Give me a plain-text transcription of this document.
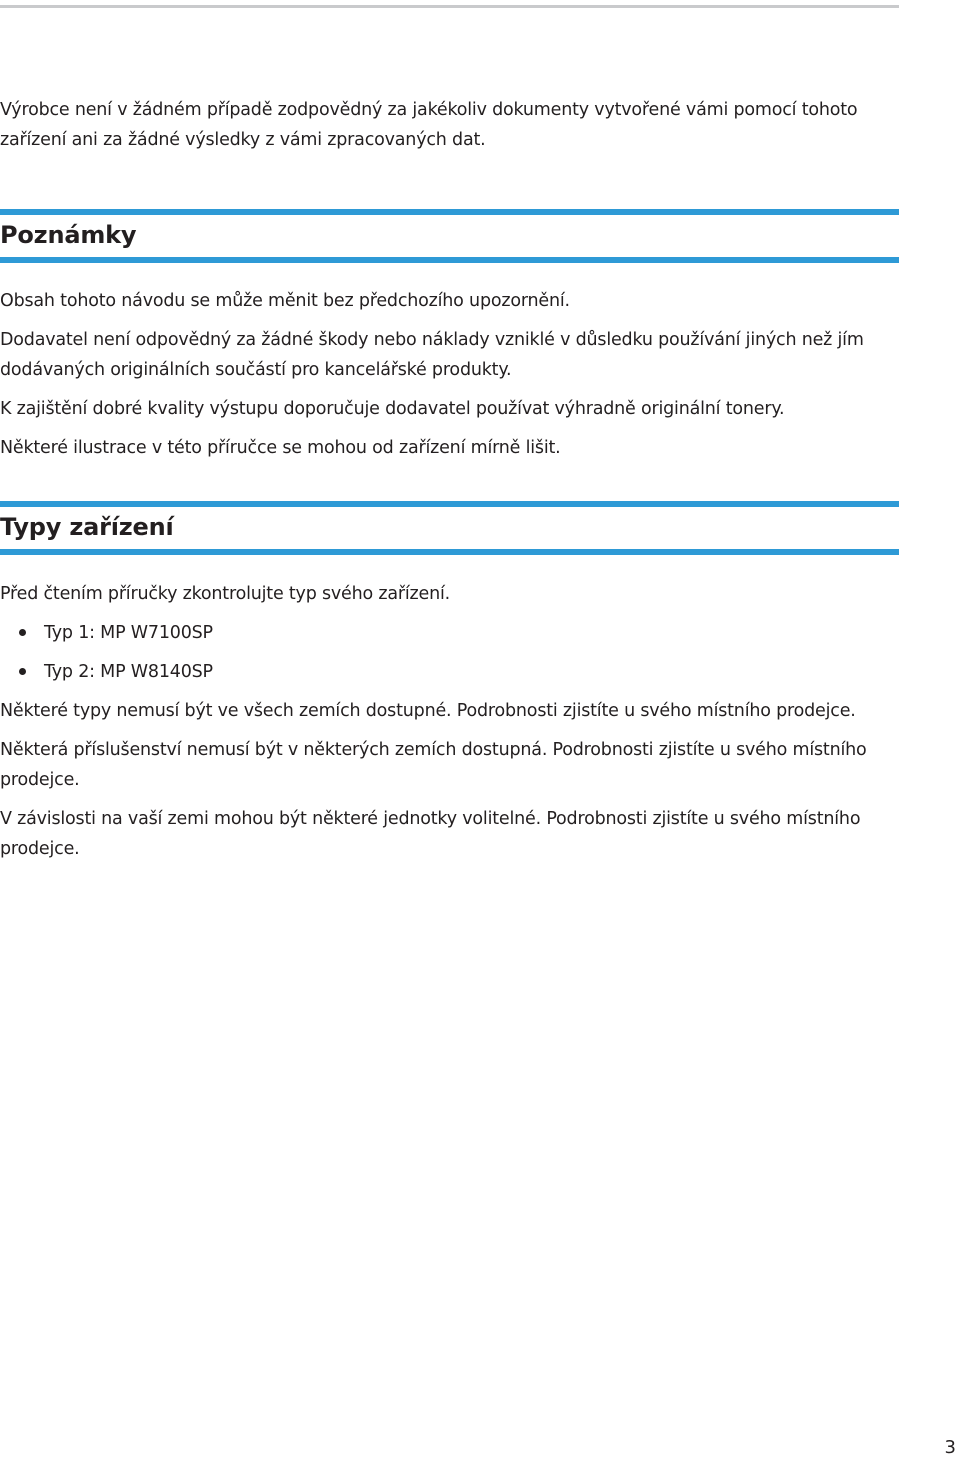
Výrobce není v žádném případě zodpovědný za jakékoliv dokumenty vytvořené vámi pomocí tohoto zařízení ani za žádné výsledky z vámi zpracovaných dat.

Poznámky

Obsah tohoto návodu se může měnit bez předchozího upozornění.

Dodavatel není odpovědný za žádné škody nebo náklady vzniklé v důsledku používání jiných než jím dodávaných originálních součástí pro kancelářské produkty.

K zajištění dobré kvality výstupu doporučuje dodavatel používat výhradně originální tonery.

Některé ilustrace v této příručce se mohou od zařízení mírně lišit.

Typy zařízení

Před čtením příručky zkontrolujte typ svého zařízení.

Typ 1: MP W7100SP
Typ 2: MP W8140SP

Některé typy nemusí být ve všech zemích dostupné. Podrobnosti zjistíte u svého místního prodejce.

Některá příslušenství nemusí být v některých zemích dostupná. Podrobnosti zjistíte u svého místního prodejce.

V závislosti na vaší zemi mohou být některé jednotky volitelné. Podrobnosti zjistíte u svého místního prodejce.

3
